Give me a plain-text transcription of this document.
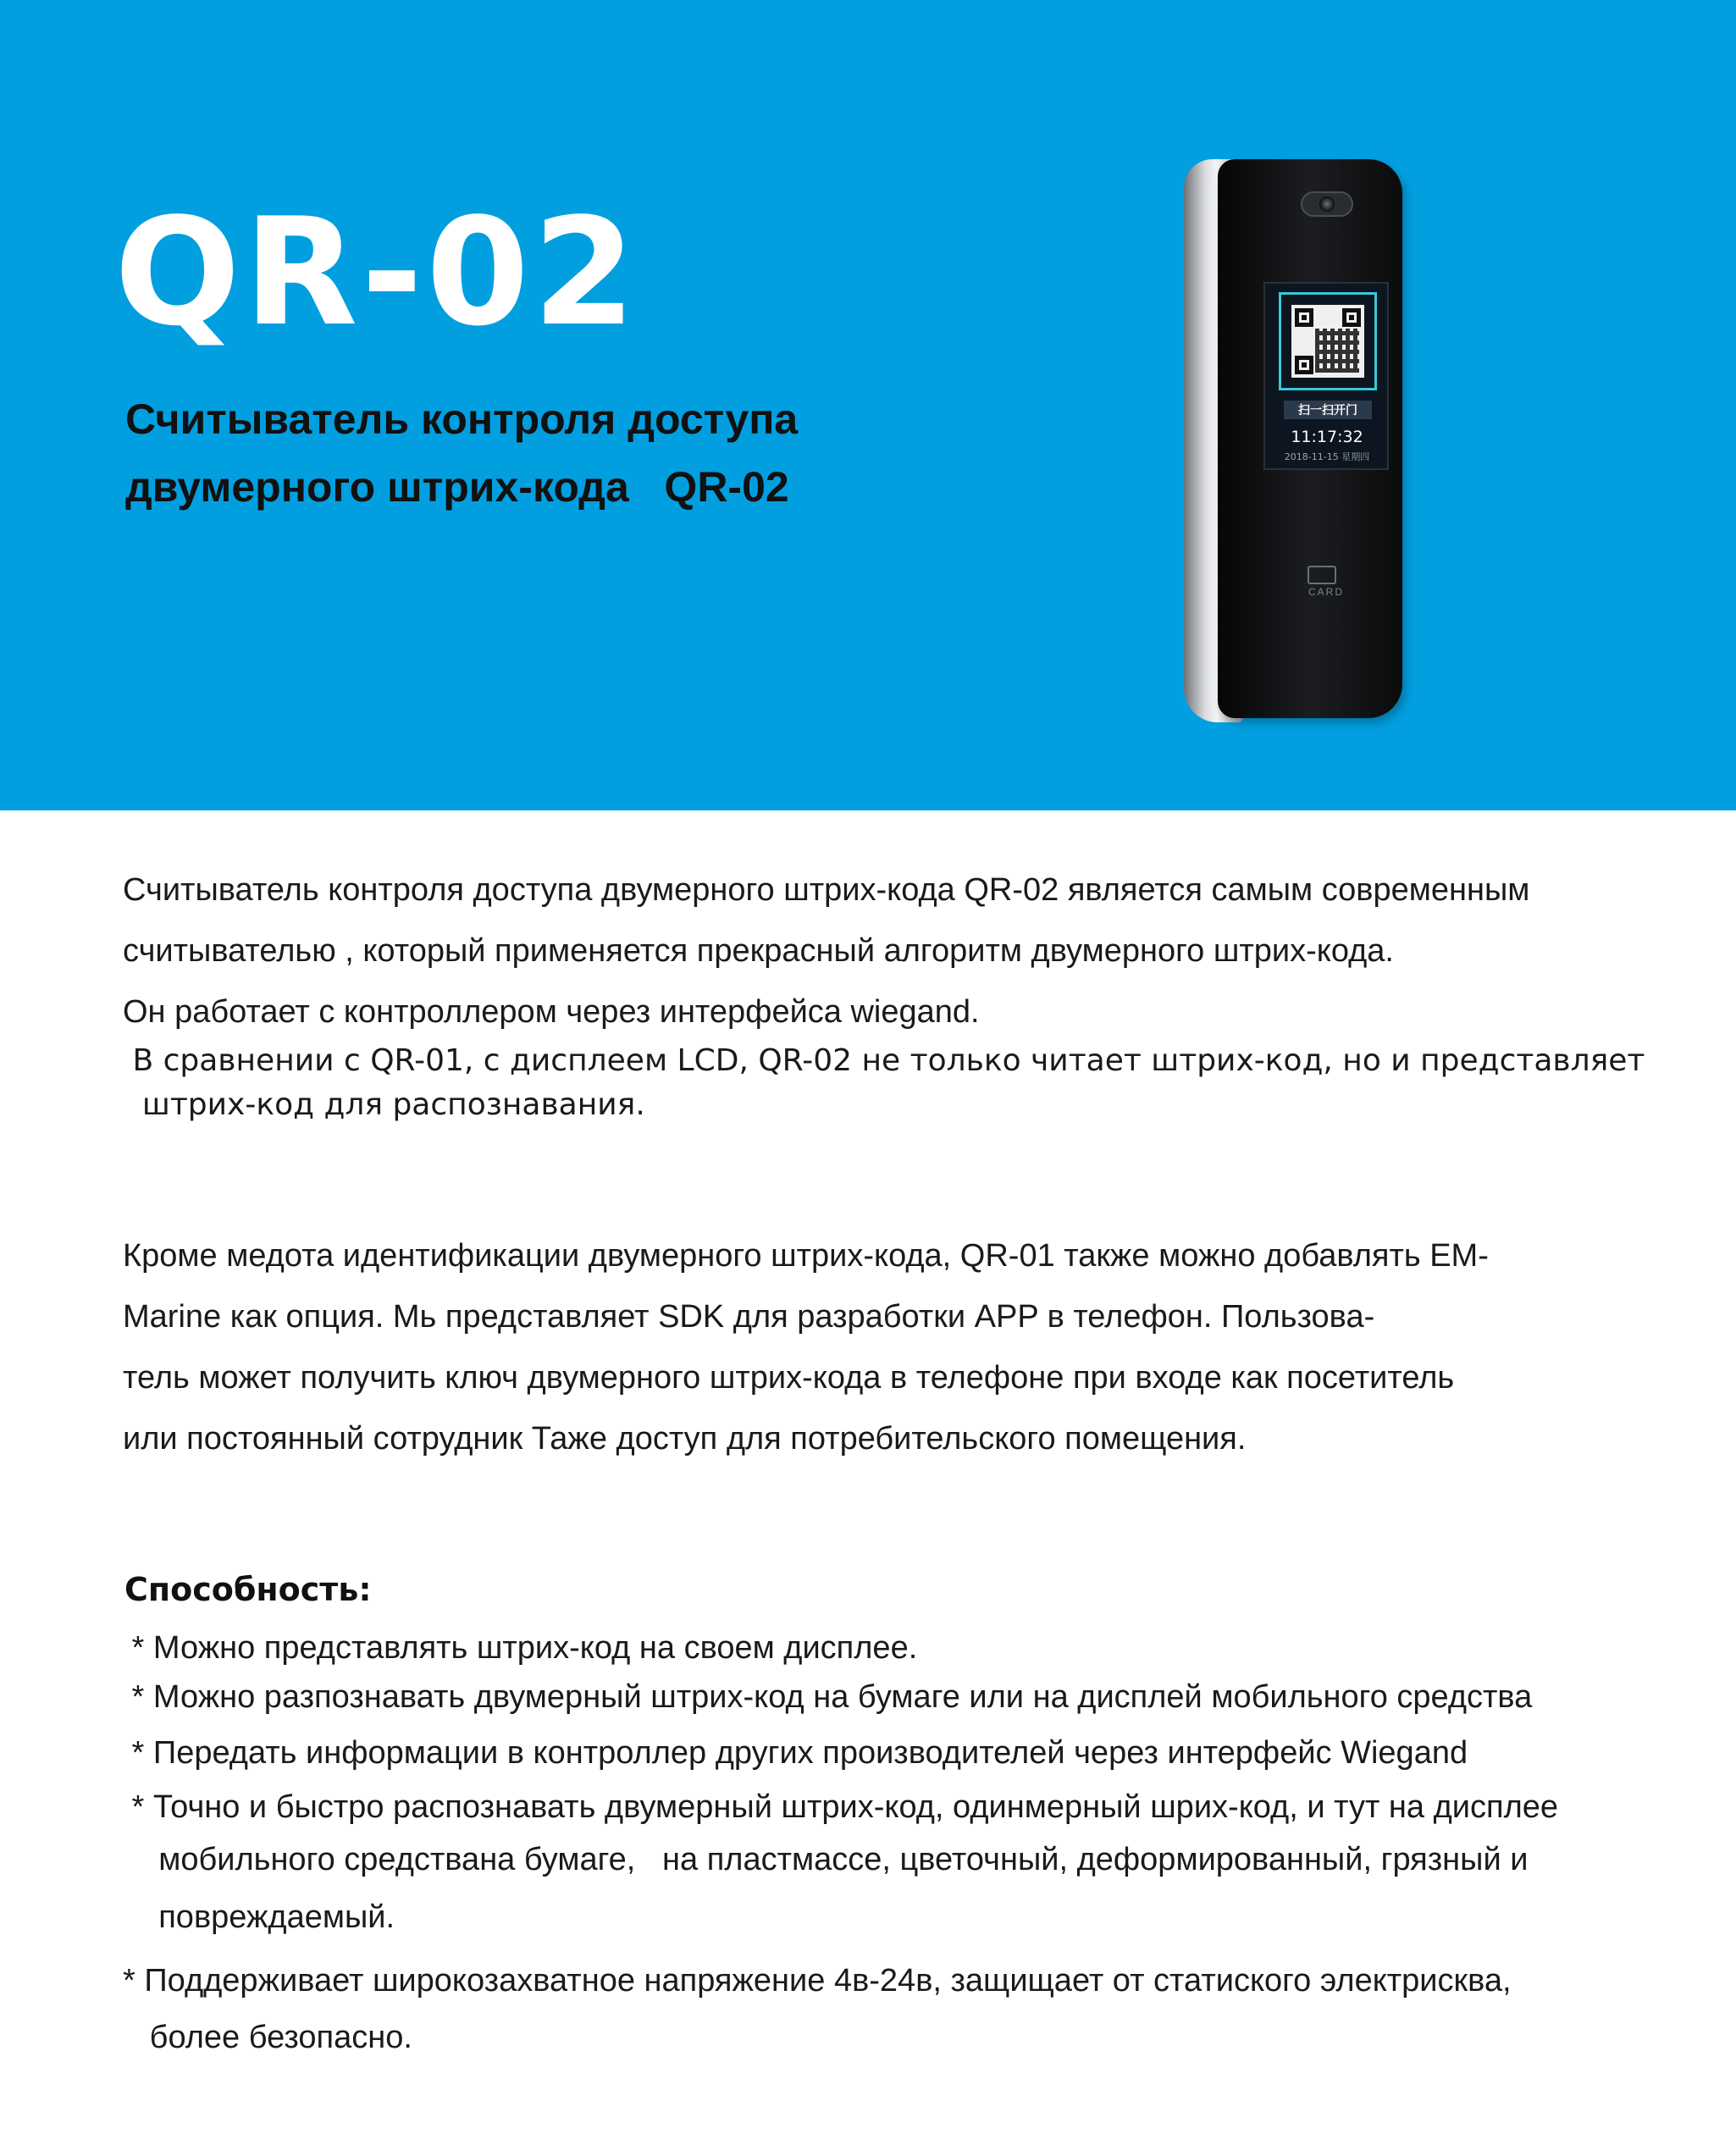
QR-02
Считыватель контроля доступа
двумерного штрих-кода   QR-02
扫一扫开门
11:17:32
2018-11-15 星期四
CARD
Считыватель контроля доступа двумерного штрих-кода QR-02 является самым современным
считывателью , который применяется прекрасный алгоритм двумерного штрих-кода.
Он работает с контроллером через интерфейса wiegand.
В сравнении с QR-01, с дисплеем LCD, QR-02 не только читает штрих-код, но и представляет
штрих-код для распознавания.
Кроме медота идентификации двумерного штрих-кода, QR-01 также можно добавлять EM-
Marine как опция. Мь представляет SDK для разработки APP в телефон. Пользова-
тель может получить ключ двумерного штрих-кода в телефоне при входе как посетитель
или постоянный сотрудник Таже доступ для потребительского помещения.
Способность:
* Можно представлять штрих-код на своем дисплее.
* Можно разпознавать двумерный штрих-код на бумаге или на дисплей мобильного средства
* Передать информации в контроллер других производителей через интерфейс Wiegand
* Точно и быстро распознавать двумерный штрих-код, одинмерный шрих-код, и тут на дисплее
мобильного средствана бумаге,   на пластмассе, цветочный, деформированный, грязный и
повреждаемый.
* Поддерживает широкозахватное напряжение 4в-24в, защищает от статиского электрисква,
более безопасно.
